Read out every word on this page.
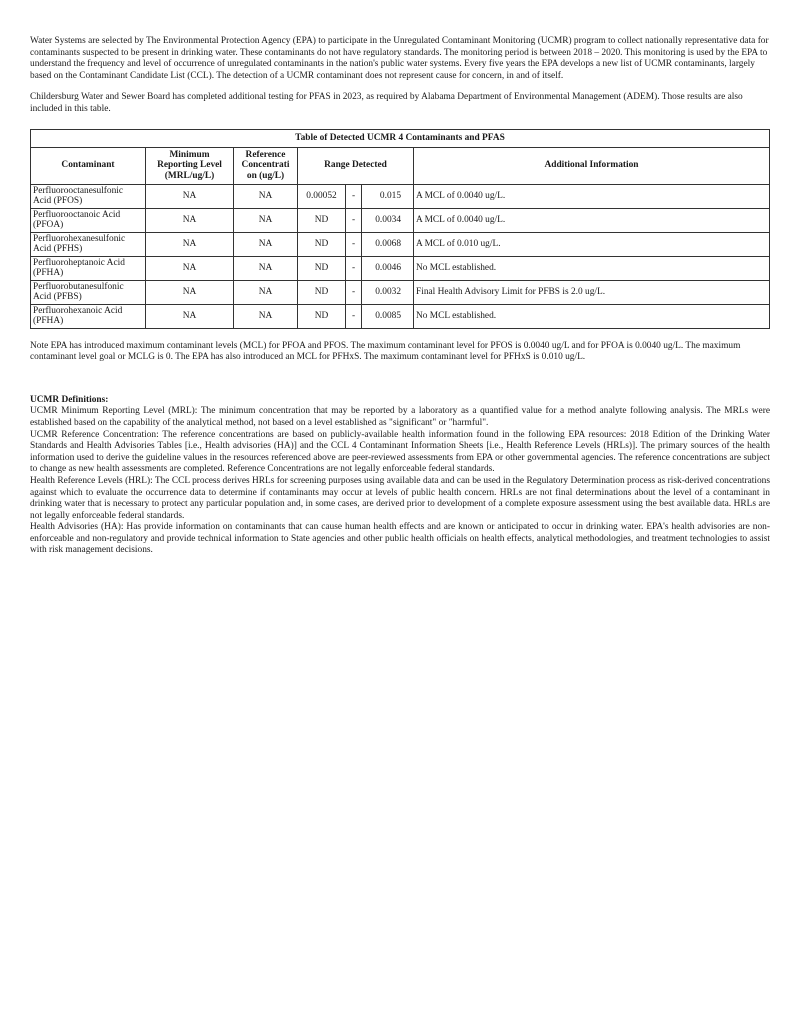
Water Systems are selected by The Environmental Protection Agency (EPA) to participate in the Unregulated Contaminant Monitoring (UCMR) program to collect nationally representative data for contaminants suspected to be present in drinking water. These contaminants do not have regulatory standards. The monitoring period is between 2018 – 2020. This monitoring is used by the EPA to understand the frequency and level of occurrence of unregulated contaminants in the nation's public water systems. Every five years the EPA develops a new list of UCMR contaminants, largely based on the Contaminant Candidate List (CCL). The detection of a UCMR contaminant does not represent cause for concern, in and of itself.

Childersburg Water and Sewer Board has completed additional testing for PFAS in 2023, as required by Alabama Department of Environmental Management (ADEM). Those results are also included in this table.

Table of Detected UCMR 4 Contaminants and PFAS						
Contaminant	Minimum Reporting Level (MRL/ug/L)	Reference Concentrati on (ug/L)	Range Detected			Additional Information
Perfluorooctanesulfonic Acid (PFOS)	NA	NA	0.00052	-	0.015	A MCL of 0.0040 ug/L.
Perfluorooctanoic Acid (PFOA)	NA	NA	ND	-	0.0034	A MCL of 0.0040 ug/L.
Perfluorohexanesulfonic Acid (PFHS)	NA	NA	ND	-	0.0068	A MCL of 0.010 ug/L.
Perfluoroheptanoic Acid (PFHA)	NA	NA	ND	-	0.0046	No MCL established.
Perfluorobutanesulfonic Acid (PFBS)	NA	NA	ND	-	0.0032	Final Health Advisory Limit for PFBS is 2.0 ug/L.
Perfluorohexanoic Acid (PFHA)	NA	NA	ND	-	0.0085	No MCL established.

Note EPA has introduced maximum contaminant levels (MCL) for PFOA and PFOS. The maximum contaminant level for PFOS is 0.0040 ug/L and for PFOA is 0.0040 ug/L. The maximum contaminant level goal or MCLG is 0. The EPA has also introduced an MCL for PFHxS. The maximum contaminant level for PFHxS is 0.010 ug/L.

UCMR Definitions:

UCMR Minimum Reporting Level (MRL): The minimum concentration that may be reported by a laboratory as a quantified value for a method analyte following analysis. The MRLs were established based on the capability of the analytical method, not based on a level established as "significant" or "harmful".

UCMR Reference Concentration: The reference concentrations are based on publicly-available health information found in the following EPA resources: 2018 Edition of the Drinking Water Standards and Health Advisories Tables [i.e., Health advisories (HA)] and the CCL 4 Contaminant Information Sheets [i.e., Health Reference Levels (HRLs)]. The primary sources of the health information used to derive the guideline values in the resources referenced above are peer-reviewed assessments from EPA or other governmental agencies. The reference concentrations are subject to change as new health assessments are completed. Reference Concentrations are not legally enforceable federal standards.

Health Reference Levels (HRL): The CCL process derives HRLs for screening purposes using available data and can be used in the Regulatory Determination process as risk-derived concentrations against which to evaluate the occurrence data to determine if contaminants may occur at levels of public health concern. HRLs are not final determinations about the level of a contaminant in drinking water that is necessary to protect any particular population and, in some cases, are derived prior to development of a complete exposure assessment using the best available data. HRLs are not legally enforceable federal standards.

Health Advisories (HA): Has provide information on contaminants that can cause human health effects and are known or anticipated to occur in drinking water. EPA's health advisories are non-enforceable and non-regulatory and provide technical information to State agencies and other public health officials on health effects, analytical methodologies, and treatment technologies to assist with risk management decisions.
